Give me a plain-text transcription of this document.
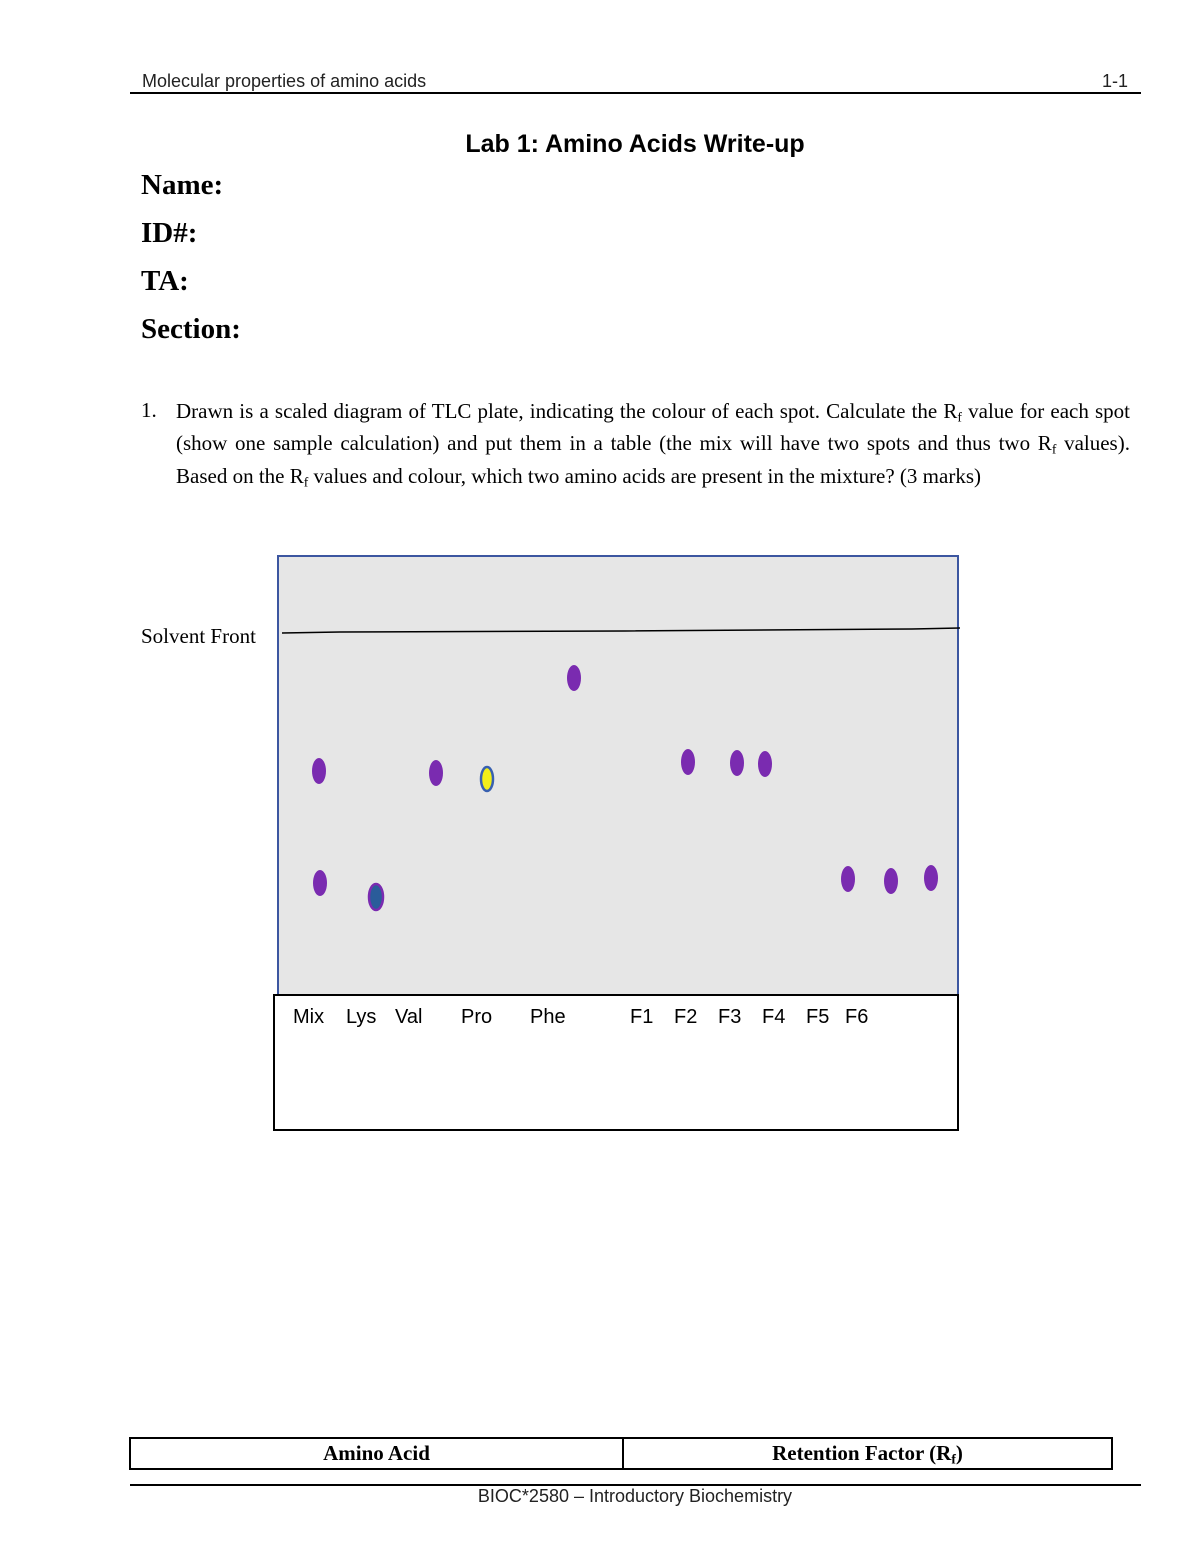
Molecular properties of amino acids	1-1
Lab 1: Amino Acids Write-up
Name:
ID#:
TA:
Section:
1. Drawn is a scaled diagram of TLC plate, indicating the colour of each spot. Calculate the $R_f$ value for each spot (show one sample calculation) and put them in a table (the mix will have two spots and thus two $R_f$ values). Based on the $R_f$ values and colour, which two amino acids are present in the mixture? (3 marks)
Solvent Front
Mix Lys Val Pro Phe	F1 F2 F3 F4 F5 F6
Amino Acid	Retention Factor $(R_f)$
BIOC*2580 – Introductory Biochemistry
